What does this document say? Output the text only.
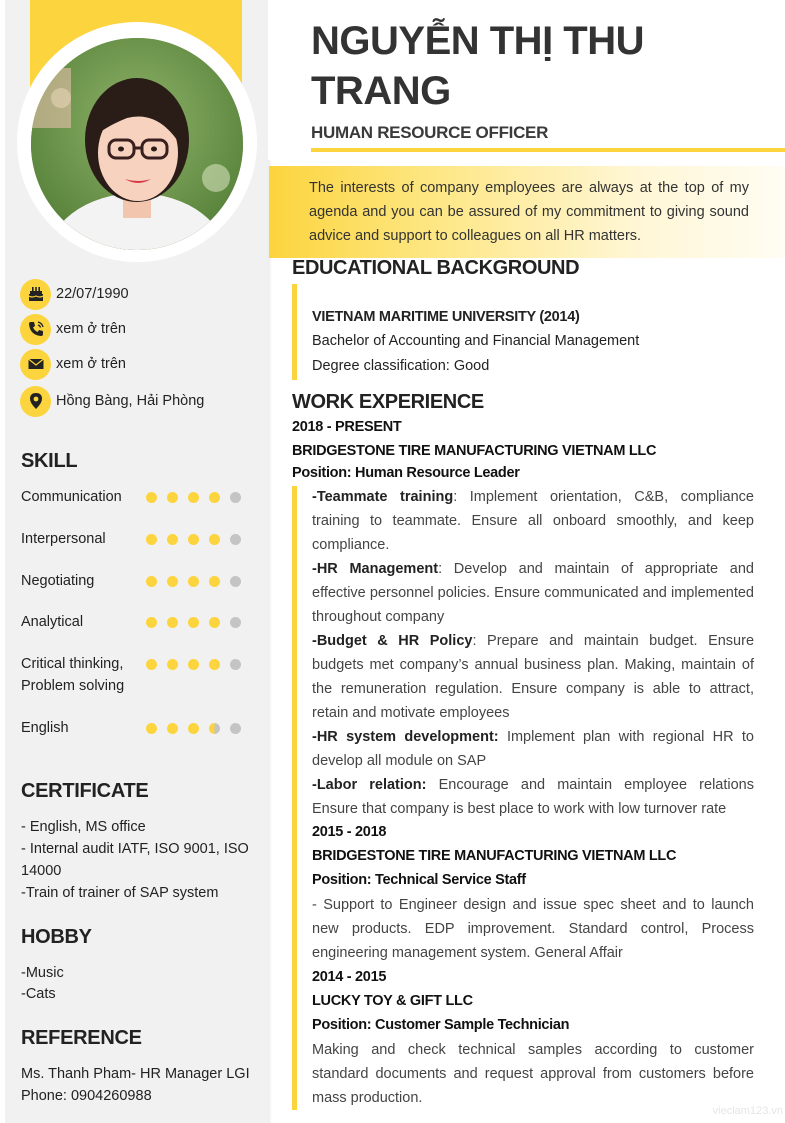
22/07/1990
xem ở trên
xem ở trên
Hồng Bàng, Hải Phòng
SKILL
Communication
Interpersonal
Negotiating
Analytical
Critical thinking, Problem solving
English
CERTIFICATE
- English, MS office
- Internal audit IATF, ISO 9001, ISO 14000
-Train of trainer of SAP system
HOBBY
-Music
-Cats
REFERENCE
Ms. Thanh Pham- HR Manager LGI
Phone: 0904260988
NGUYỄN THỊ THU TRANG
HUMAN RESOURCE OFFICER
The interests of company employees are always at the top of my agenda and you can be assured of my commitment to giving sound advice and support to colleagues on all HR matters.
EDUCATIONAL BACKGROUND
VIETNAM MARITIME UNIVERSITY (2014)
Bachelor of Accounting and Financial Management
Degree classification: Good
WORK EXPERIENCE
2018 - PRESENT
BRIDGESTONE TIRE MANUFACTURING VIETNAM LLC
Position: Human Resource Leader
-Teammate training: Implement orientation, C&B, compliance training to teammate. Ensure all onboard smoothly, and keep compliance.
-HR Management: Develop and maintain of appropriate and effective personnel policies. Ensure communicated and implemented throughout company
-Budget & HR Policy: Prepare and maintain budget. Ensure budgets met company’s annual business plan. Making, maintain of the remuneration regulation. Ensure company is able to attract, retain and motivate employees
-HR system development: Implement plan with regional HR to develop all module on SAP
-Labor relation: Encourage and maintain employee relations Ensure that company is best place to work with low turnover rate
2015 - 2018
BRIDGESTONE TIRE MANUFACTURING VIETNAM LLC
Position: Technical Service Staff
- Support to Engineer design and issue spec sheet and to launch new products. EDP improvement. Standard control, Process engineering management system. General Affair
2014 - 2015
LUCKY TOY & GIFT LLC
Position: Customer Sample Technician
Making and check technical samples according to customer standard documents and request approval from customers before mass production.
vieclam123.vn
